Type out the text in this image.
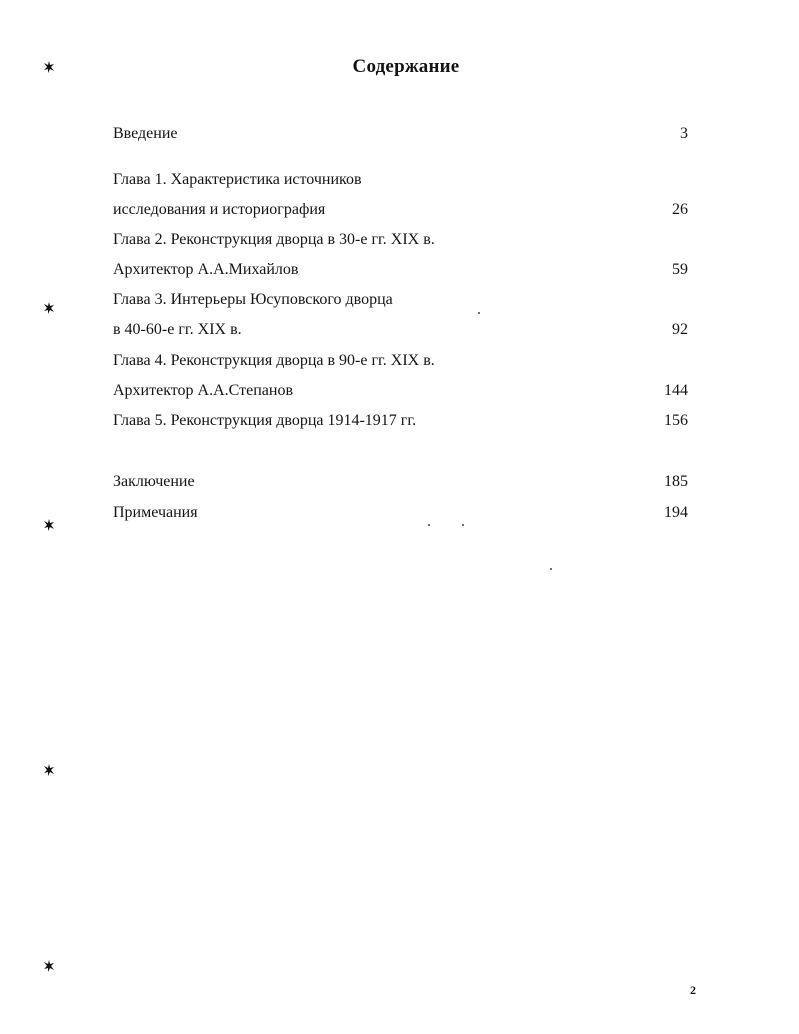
Содержание
Введение	3
Глава 1. Характеристика источников
исследования и историография	26
Глава 2. Реконструкция дворца в 30-е гг. XIX в.
Архитектор А.А.Михайлов	59
Глава 3. Интерьеры Юсуповского дворца
в 40-60-е гг. XIX в.	92
Глава 4. Реконструкция дворца в 90-е гг. XIX в.
Архитектор А.А.Степанов	144
Глава 5. Реконструкция дворца 1914-1917 гг.	156
Заключение	185
Примечания	194
2
